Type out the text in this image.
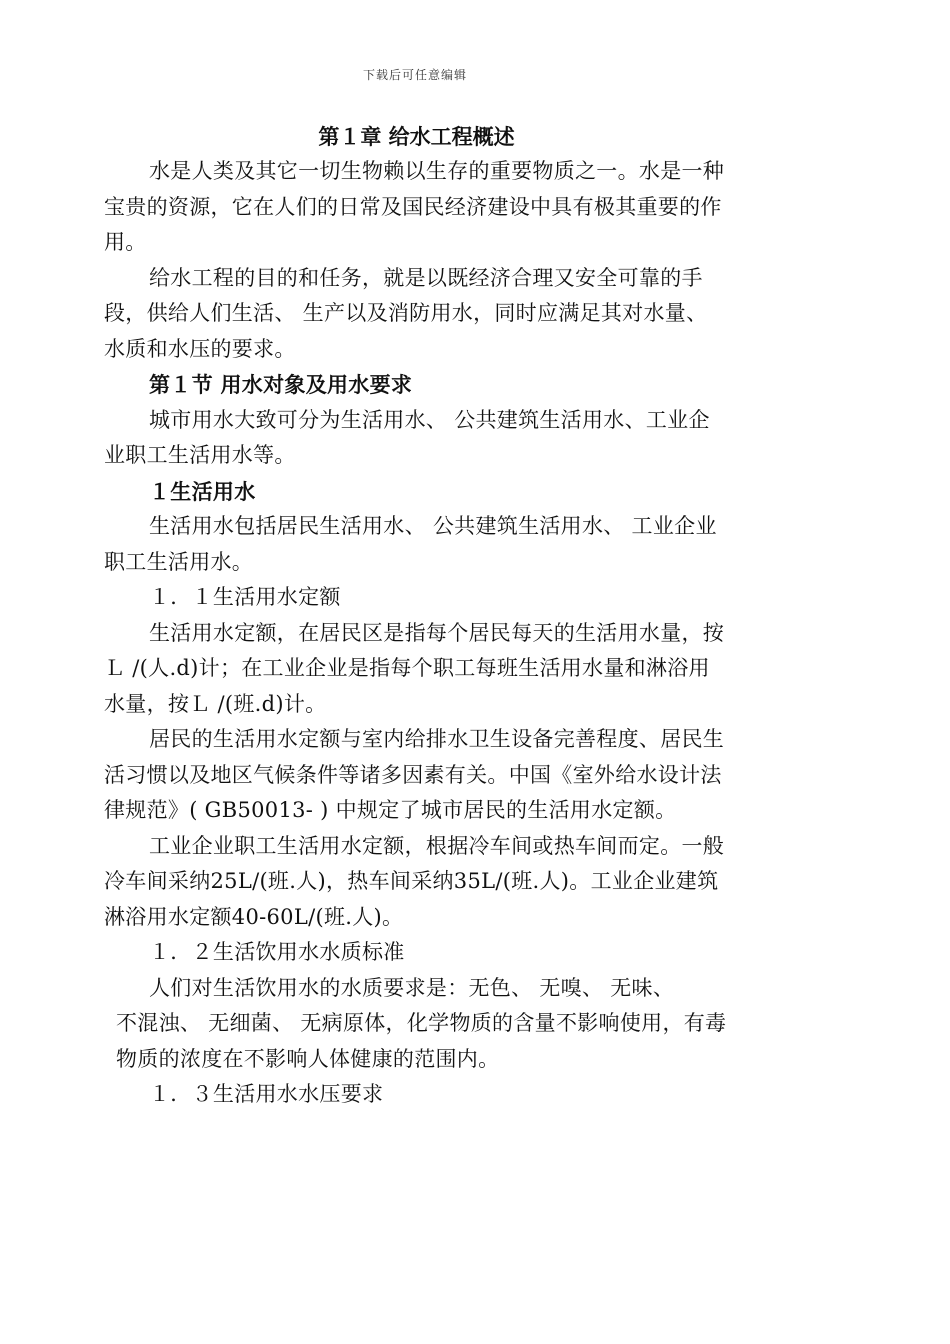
下载后可任意编辑
第１章 给水工程概述

水是人类及其它一切生物赖以生存的重要物质之一。水是一种宝贵的资源，它在人们的日常及国民经济建设中具有极其重要的作用。

给水工程的目的和任务，就是以既经济合理又安全可靠的手段，供给人们生活、 生产以及消防用水，同时应满足其对水量、 水质和水压的要求。

第１节 用水对象及用水要求

城市用水大致可分为生活用水、 公共建筑生活用水、工业企业职工生活用水等。

１生活用水

生活用水包括居民生活用水、 公共建筑生活用水、 工业企业职工生活用水。

１．１生活用水定额

生活用水定额，在居民区是指每个居民每天的生活用水量，按Ｌ /(人.d)计；在工业企业是指每个职工每班生活用水量和淋浴用水量，按Ｌ /(班.d)计。

居民的生活用水定额与室内给排水卫生设备完善程度、居民生活习惯以及地区气候条件等诸多因素有关。中国《室外给水设计法律规范》( GB50013- ) 中规定了城市居民的生活用水定额。

工业企业职工生活用水定额，根据冷车间或热车间而定。一般冷车间采纳25L/(班.人)，热车间采纳35L/(班.人)。工业企业建筑淋浴用水定额40-60L/(班.人)。

１．２生活饮用水水质标准

人们对生活饮用水的水质要求是：无色、 无嗅、 无味、

不混浊、 无细菌、 无病原体，化学物质的含量不影响使用，有毒物质的浓度在不影响人体健康的范围内。

１．３生活用水水压要求
